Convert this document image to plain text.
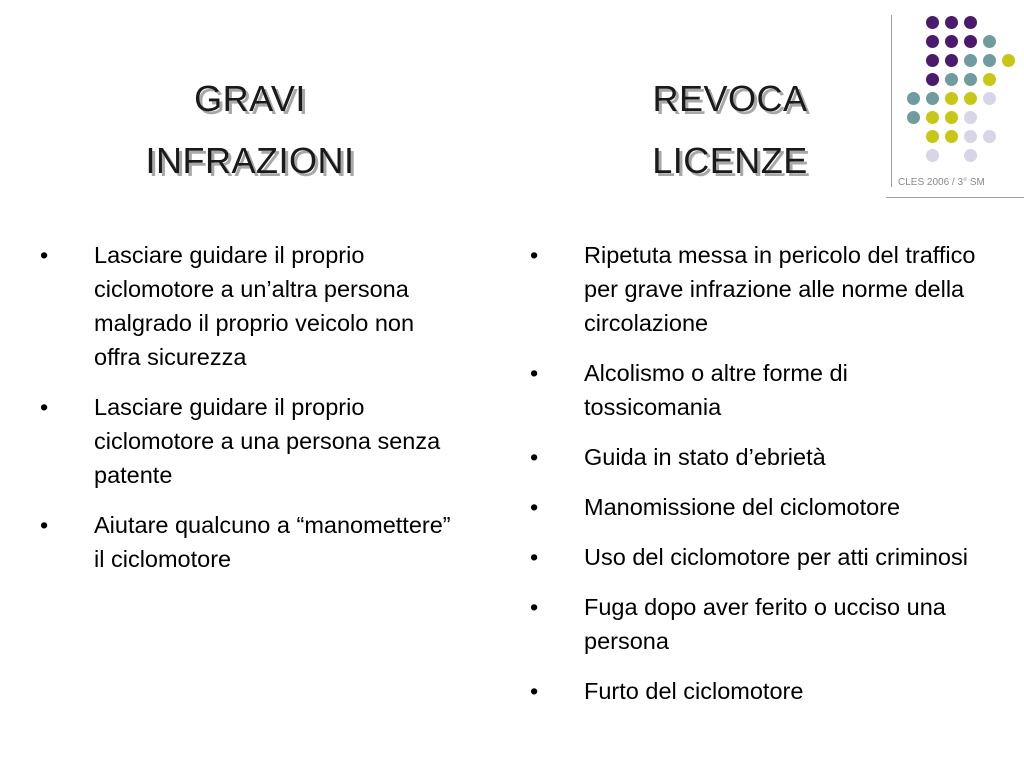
GRAVI
INFRAZIONI
REVOCA
LICENZE
•	Lasciare guidare il proprio ciclomotore a un’altra persona malgrado il proprio veicolo non offra sicurezza
•	Lasciare guidare il proprio ciclomotore a una persona senza patente
•	Aiutare qualcuno a “manomettere” il ciclomotore
•	Ripetuta messa in pericolo del traffico per grave infrazione alle norme della circolazione
•	Alcolismo o altre forme di tossicomania
•	Guida in stato d’ebrietà
•	Manomissione del ciclomotore
•	Uso del ciclomotore per atti criminosi
•	Fuga dopo aver ferito o ucciso una persona
•	Furto del ciclomotore
CLES 2006 / 3° SM
